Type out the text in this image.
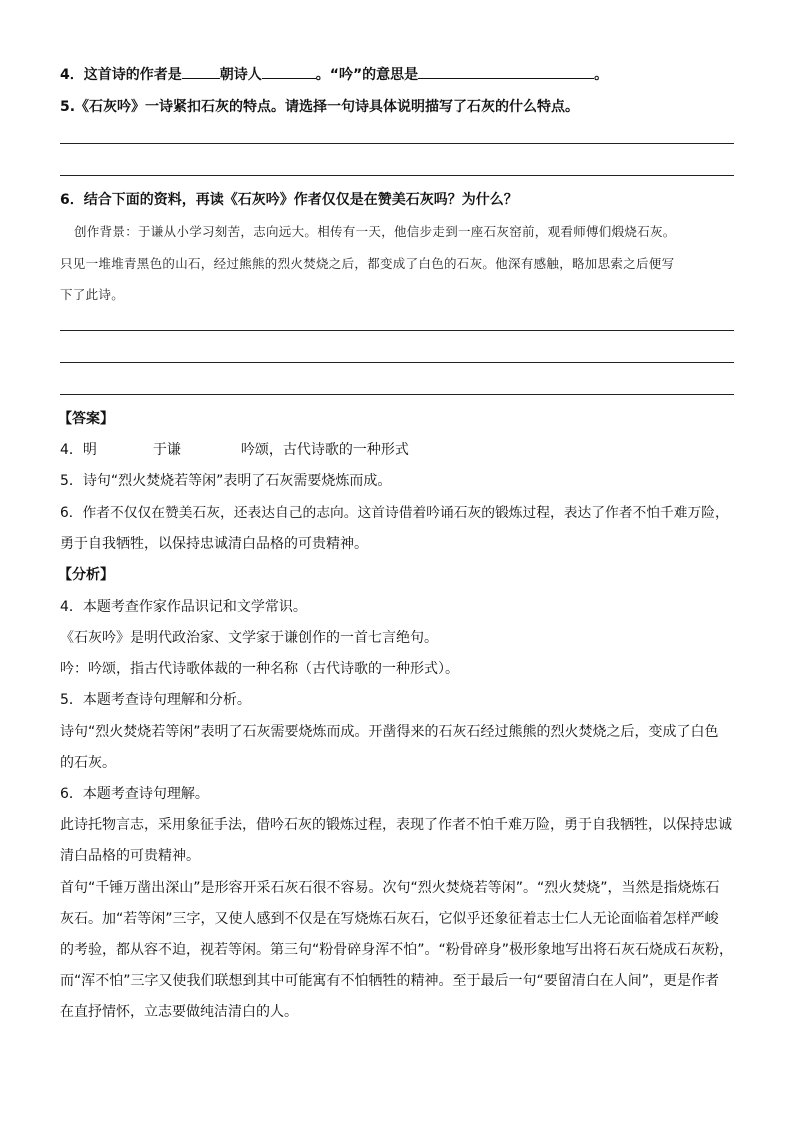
4．这首诗的作者是	朝诗人	。“吟”的意思是	。
5.《石灰吟》一诗紧扣石灰的特点。请选择一句诗具体说明描写了石灰的什么特点。
6．结合下面的资料，再读《石灰吟》作者仅仅是在赞美石灰吗？为什么？
创作背景：于谦从小学习刻苦，志向远大。相传有一天，他信步走到一座石灰窑前，观看师傅们煅烧石灰。
只见一堆堆青黑色的山石，经过熊熊的烈火焚烧之后，都变成了白色的石灰。他深有感触，略加思索之后便写
下了此诗。
【答案】
4．明	于谦	吟颂，古代诗歌的一种形式
5．诗句“烈火焚烧若等闲”表明了石灰需要烧炼而成。
6．作者不仅仅在赞美石灰，还表达自己的志向。这首诗借着吟诵石灰的锻炼过程，表达了作者不怕千难万险，
勇于自我牺牲，以保持忠诚清白品格的可贵精神。
【分析】
4．本题考查作家作品识记和文学常识。
《石灰吟》是明代政治家、文学家于谦创作的一首七言绝句。
吟：吟颂，指古代诗歌体裁的一种名称（古代诗歌的一种形式）。
5．本题考查诗句理解和分析。
诗句“烈火焚烧若等闲”表明了石灰需要烧炼而成。开凿得来的石灰石经过熊熊的烈火焚烧之后，变成了白色
的石灰。
6．本题考查诗句理解。
此诗托物言志，采用象征手法，借吟石灰的锻炼过程，表现了作者不怕千难万险，勇于自我牺牲，以保持忠诚
清白品格的可贵精神。
首句“千锤万凿出深山”是形容开采石灰石很不容易。次句“烈火焚烧若等闲”。“烈火焚烧”，当然是指烧炼石
灰石。加“若等闲”三字，又使人感到不仅是在写烧炼石灰石，它似乎还象征着志士仁人无论面临着怎样严峻
的考验，都从容不迫，视若等闲。第三句“粉骨碎身浑不怕”。“粉骨碎身”极形象地写出将石灰石烧成石灰粉，
而“浑不怕”三字又使我们联想到其中可能寓有不怕牺牲的精神。至于最后一句“要留清白在人间”，更是作者
在直抒情怀，立志要做纯洁清白的人。
